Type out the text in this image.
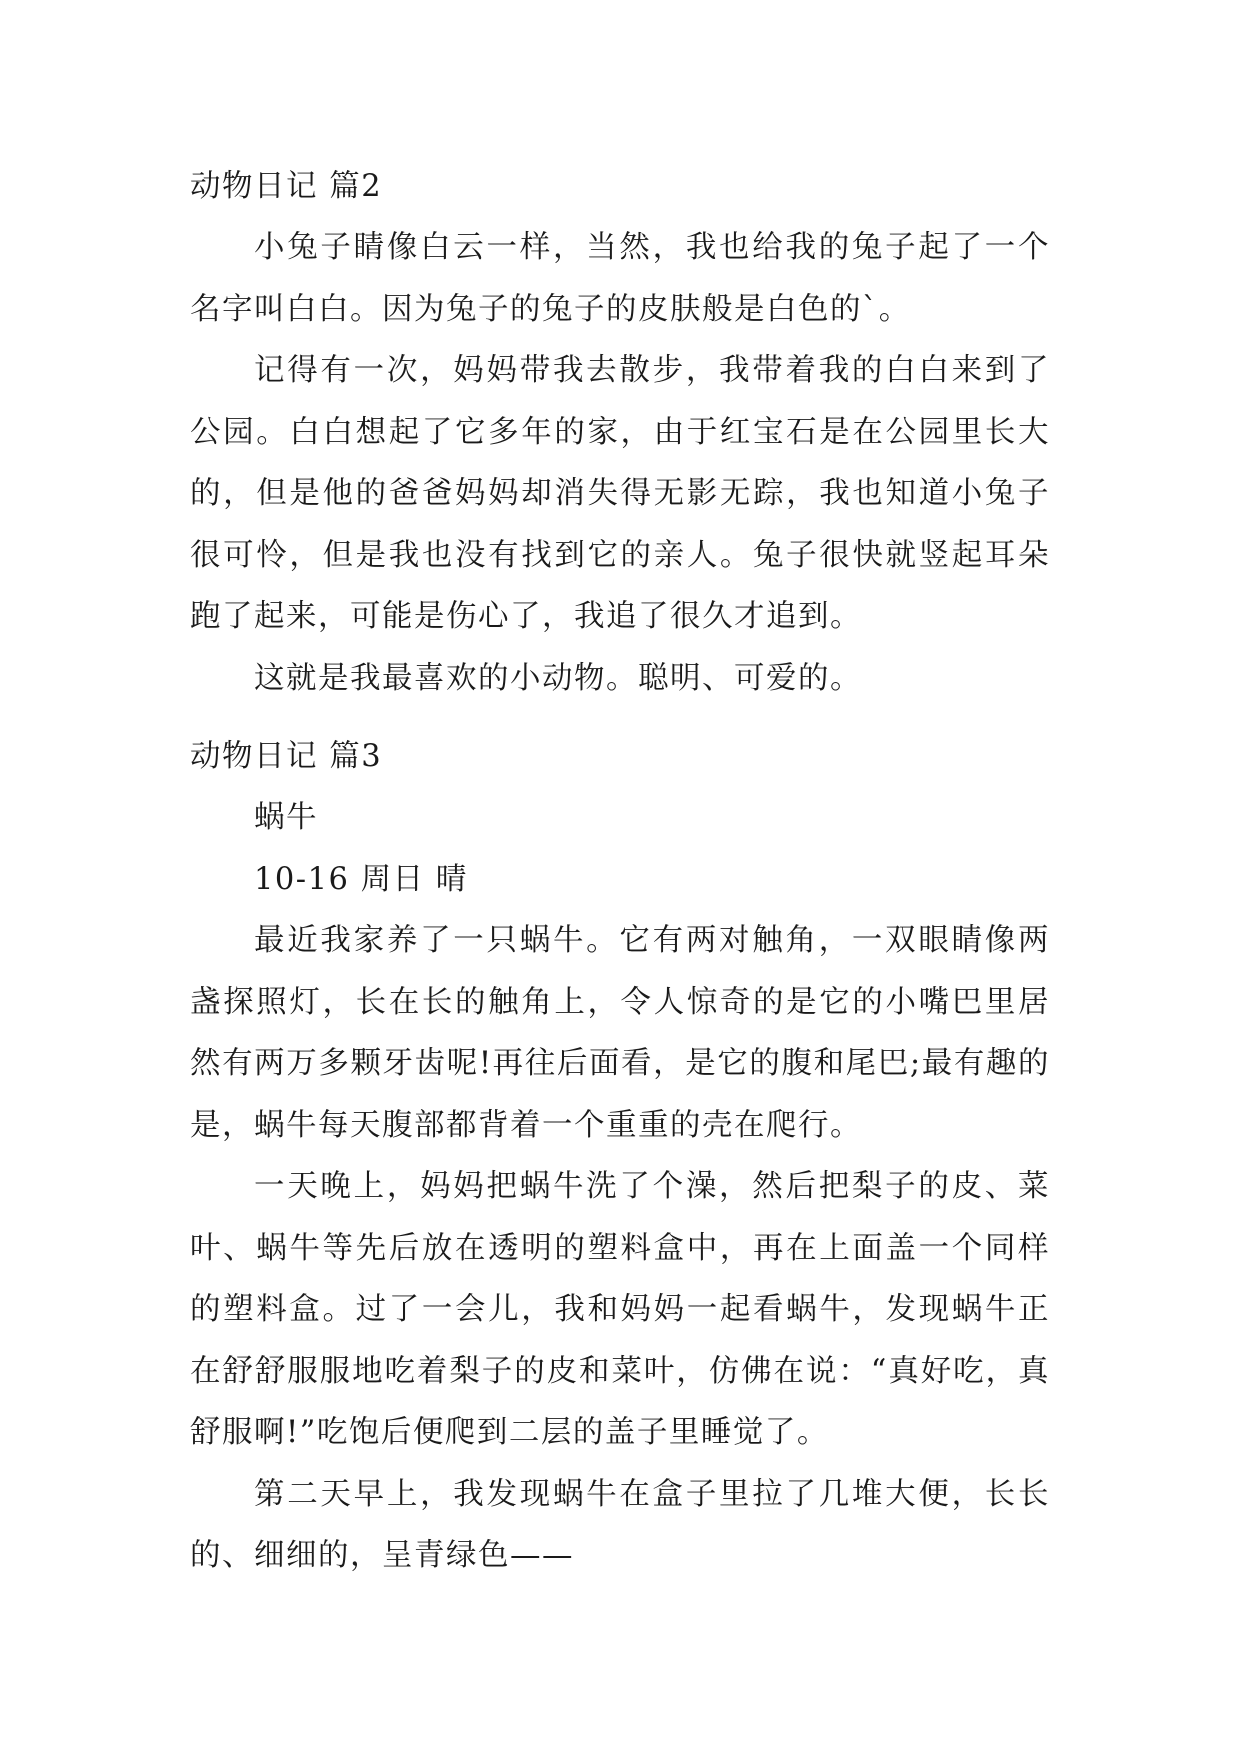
动物日记 篇2

小兔子睛像白云一样，当然，我也给我的兔子起了一个名字叫白白。因为兔子的兔子的皮肤般是白色的`。

记得有一次，妈妈带我去散步，我带着我的白白来到了公园。白白想起了它多年的家，由于红宝石是在公园里长大的，但是他的爸爸妈妈却消失得无影无踪，我也知道小兔子很可怜，但是我也没有找到它的亲人。兔子很快就竖起耳朵跑了起来，可能是伤心了，我追了很久才追到。

这就是我最喜欢的小动物。聪明、可爱的。

动物日记 篇3

蜗牛

10-16 周日 晴

最近我家养了一只蜗牛。它有两对触角，一双眼睛像两盏探照灯，长在长的触角上，令人惊奇的是它的小嘴巴里居然有两万多颗牙齿呢!再往后面看，是它的腹和尾巴;最有趣的是，蜗牛每天腹部都背着一个重重的壳在爬行。

一天晚上，妈妈把蜗牛洗了个澡，然后把梨子的皮、菜叶、蜗牛等先后放在透明的塑料盒中，再在上面盖一个同样的塑料盒。过了一会儿，我和妈妈一起看蜗牛，发现蜗牛正在舒舒服服地吃着梨子的皮和菜叶，仿佛在说：“真好吃，真舒服啊!”吃饱后便爬到二层的盖子里睡觉了。

第二天早上，我发现蜗牛在盒子里拉了几堆大便，长长的、细细的，呈青绿色——
